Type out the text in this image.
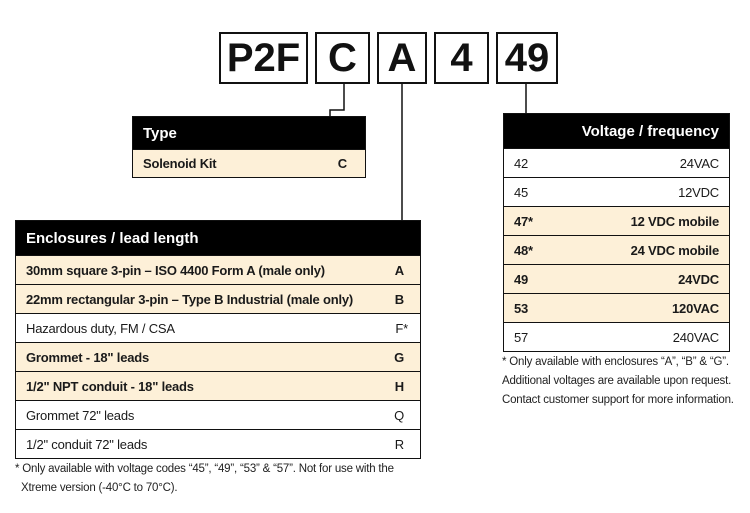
P2F C A 4 49
Type
Solenoid Kit	C
Enclosures / lead length
30mm square 3-pin – ISO 4400 Form A (male only)	A
22mm rectangular 3-pin – Type B Industrial (male only)	B
Hazardous duty, FM / CSA	F*
Grommet - 18" leads	G
1/2" NPT conduit - 18" leads	H
Grommet 72" leads	Q
1/2" conduit 72" leads	R
* Only available with voltage codes “45”, “49”, “53” & “57”. Not for use with the
Xtreme version (-40°C to 70°C).
Voltage / frequency
42	24VAC
45	12VDC
47*	12 VDC mobile
48*	24 VDC mobile
49	24VDC
53	120VAC
57	240VAC
* Only available with enclosures “A”, “B” & “G”.
Additional voltages are available upon request.
Contact customer support for more information.
